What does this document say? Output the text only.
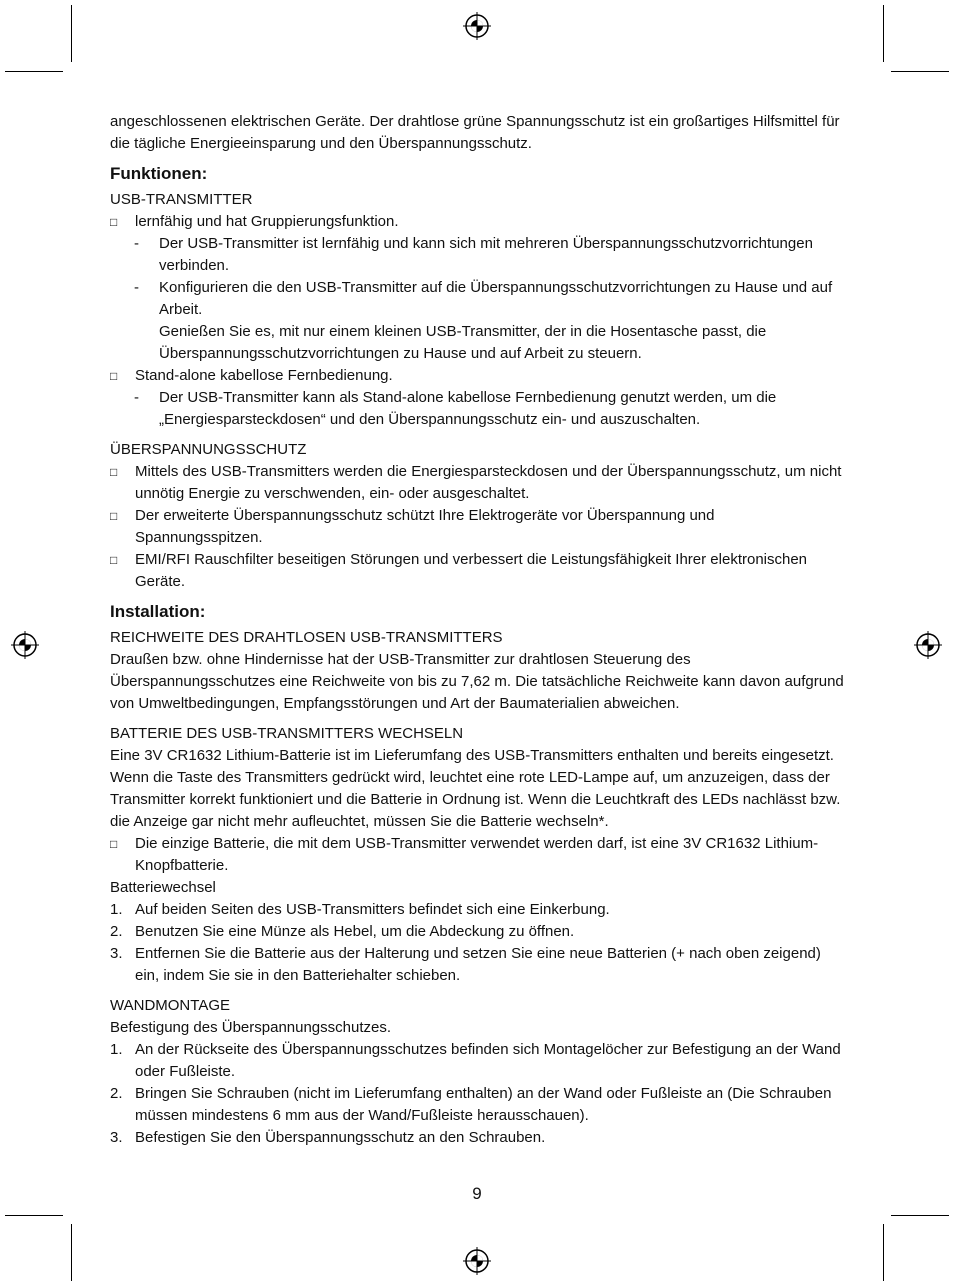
angeschlossenen elektrischen Geräte. Der drahtlose grüne Spannungsschutz ist ein großartiges Hilfsmittel für die tägliche Energieeinsparung und den Überspannungsschutz.

Funktionen:
USB-TRANSMITTER
□ lernfähig und hat Gruppierungsfunktion.
- Der USB-Transmitter ist lernfähig und kann sich mit mehreren Überspannungsschutzvorrichtungen verbinden.
- Konfigurieren die den USB-Transmitter auf die Überspannungsschutzvorrichtungen zu Hause und auf Arbeit.
Genießen Sie es, mit nur einem kleinen USB-Transmitter, der in die Hosentasche passt, die Überspannungsschutzvorrichtungen zu Hause und auf Arbeit zu steuern.
□ Stand-alone kabellose Fernbedienung.
- Der USB-Transmitter kann als Stand-alone kabellose Fernbedienung genutzt werden, um die „Energiesparsteckdosen“ und den Überspannungsschutz ein- und auszuschalten.
ÜBERSPANNUNGSSCHUTZ
□ Mittels des USB-Transmitters werden die Energiesparsteckdosen und der Überspannungsschutz, um nicht unnötig Energie zu verschwenden, ein- oder ausgeschaltet.
□ Der erweiterte Überspannungsschutz schützt Ihre Elektrogeräte vor Überspannung und Spannungsspitzen.
□ EMI/RFI Rauschfilter beseitigen Störungen und verbessert die Leistungsfähigkeit Ihrer elektronischen Geräte.
Installation:
REICHWEITE DES DRAHTLOSEN USB-TRANSMITTERS

Draußen bzw. ohne Hindernisse hat der USB-Transmitter zur drahtlosen Steuerung des Überspannungsschutzes eine Reichweite von bis zu 7,62 m. Die tatsächliche Reichweite kann davon aufgrund von Umweltbedingungen, Empfangsstörungen und Art der Baumaterialien abweichen.

BATTERIE DES USB-TRANSMITTERS WECHSELN

Eine 3V CR1632 Lithium-Batterie ist im Lieferumfang des USB-Transmitters enthalten und bereits eingesetzt.

Wenn die Taste des Transmitters gedrückt wird, leuchtet eine rote LED-Lampe auf, um anzuzeigen, dass der Transmitter korrekt funktioniert und die Batterie in Ordnung ist. Wenn die Leuchtkraft des LEDs nachlässt bzw. die Anzeige gar nicht mehr aufleuchtet, müssen Sie die Batterie wechseln*.

□ Die einzige Batterie, die mit dem USB-Transmitter verwendet werden darf, ist eine 3V CR1632 Lithium-Knopfbatterie.
Batteriewechsel
1. Auf beiden Seiten des USB-Transmitters befindet sich eine Einkerbung.
2. Benutzen Sie eine Münze als Hebel, um die Abdeckung zu öffnen.
3. Entfernen Sie die Batterie aus der Halterung und setzen Sie eine neue Batterien (+ nach oben zeigend) ein, indem Sie sie in den Batteriehalter schieben.
WANDMONTAGE
Befestigung des Überspannungsschutzes.
1. An der Rückseite des Überspannungsschutzes befinden sich Montagelöcher zur Befestigung an der Wand oder Fußleiste.
2. Bringen Sie Schrauben (nicht im Lieferumfang enthalten) an der Wand oder Fußleiste an (Die Schrauben müssen mindestens 6 mm aus der Wand/Fußleiste herausschauen).
3. Befestigen Sie den Überspannungsschutz an den Schrauben.
9
